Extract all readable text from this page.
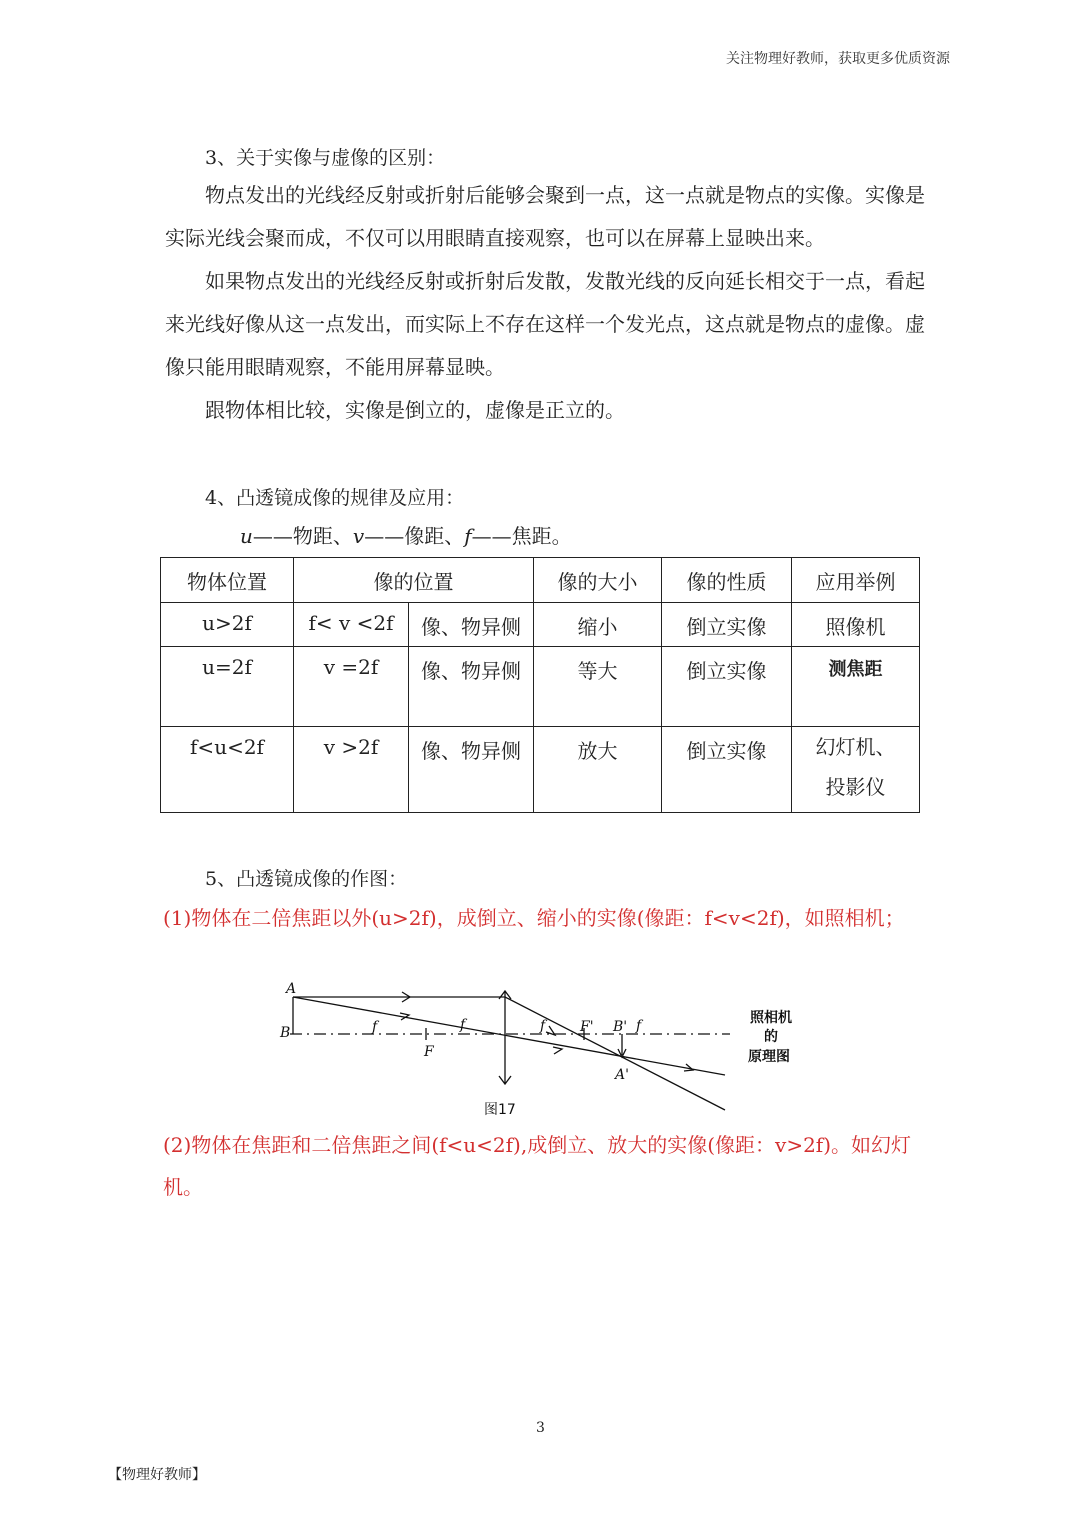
关注物理好教师，获取更多优质资源
3、关于实像与虚像的区别：

物点发出的光线经反射或折射后能够会聚到一点，这一点就是物点的实像。实像是实际光线会聚而成，不仅可以用眼睛直接观察，也可以在屏幕上显映出来。

如果物点发出的光线经反射或折射后发散，发散光线的反向延长相交于一点，看起来光线好像从这一点发出，而实际上不存在这样一个发光点，这点就是物点的虚像。虚像只能用眼睛观察，不能用屏幕显映。

跟物体相比较，实像是倒立的，虚像是正立的。

4、凸透镜成像的规律及应用：
u——物距、v——像距、f——焦距。
物体位置	像的位置		像的大小	像的性质	应用举例
u>2f	f< v <2f	像、物异侧	缩小	倒立实像	照像机
u=2f	v =2f	像、物异侧	等大	倒立实像	测焦距
f<u<2f	v >2f	像、物异侧	放大	倒立实像	幻灯机、
投影仪
5、凸透镜成像的作图：

(1)物体在二倍焦距以外(u>2f)，成倒立、缩小的实像(像距：f<v<2f)，如照相机；

A
B	f	f
F
f F' B' f
A'
照相机
的
原理图
图17

(2)物体在焦距和二倍焦距之间(f<u<2f),成倒立、放大的实像(像距：v>2f)。如幻灯机。

3
【物理好教师】
